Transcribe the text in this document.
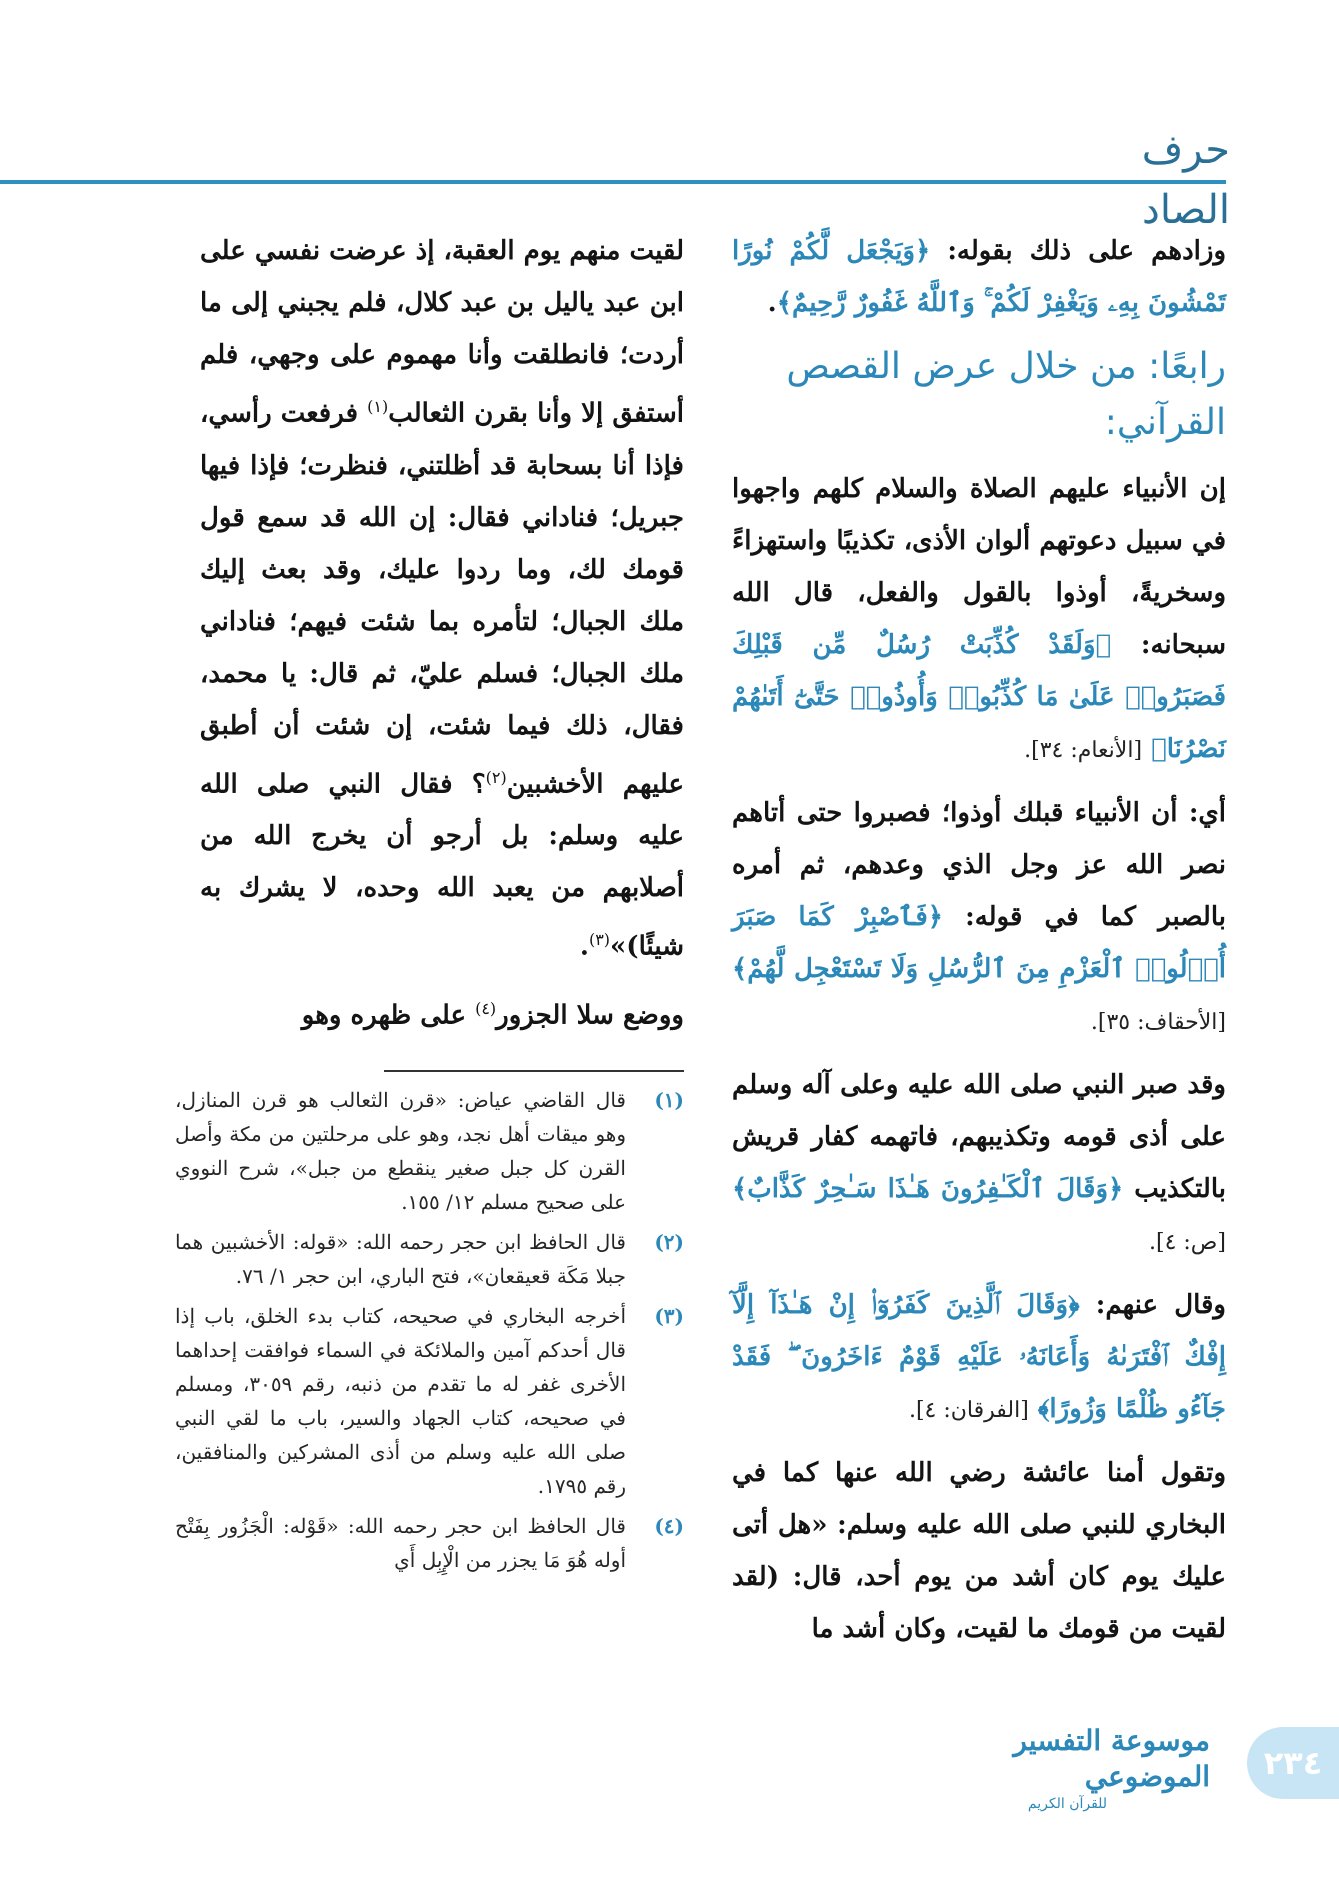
حرف الصاد

وزادهم على ذلك بقوله: ﴿وَيَجْعَل لَّكُمْ نُورًا تَمْشُونَ بِهِۦ وَيَغْفِرْ لَكُمْ ۚ وَٱللَّهُ غَفُورٌ رَّحِيمٌ﴾.

رابعًا: من خلال عرض القصص القرآني:

إن الأنبياء عليهم الصلاة والسلام كلهم واجهوا في سبيل دعوتهم ألوان الأذى، تكذيبًا واستهزاءً وسخريةً، أوذوا بالقول والفعل، قال الله سبحانه: ﴿وَلَقَدْ كُذِّبَتْ رُسُلٌ مِّن قَبْلِكَ فَصَبَرُوا۟ عَلَىٰ مَا كُذِّبُوا۟ وَأُوذُوا۟ حَتَّىٰٓ أَتَىٰهُمْ نَصْرُنَا﴾ [الأنعام: ٣٤].

أي: أن الأنبياء قبلك أوذوا؛ فصبروا حتى أتاهم نصر الله عز وجل الذي وعدهم، ثم أمره بالصبر كما في قوله: ﴿فَٱصْبِرْ كَمَا صَبَرَ أُو۟لُوا۟ ٱلْعَزْمِ مِنَ ٱلرُّسُلِ وَلَا تَسْتَعْجِل لَّهُمْ﴾ [الأحقاف: ٣٥].

وقد صبر النبي صلى الله عليه وعلى آله وسلم على أذى قومه وتكذيبهم، فاتهمه كفار قريش بالتكذيب ﴿وَقَالَ ٱلْكَـٰفِرُونَ هَـٰذَا سَـٰحِرٌ كَذَّابٌ﴾ [ص: ٤].

وقال عنهم: ﴿وَقَالَ ٱلَّذِينَ كَفَرُوٓا۟ إِنْ هَـٰذَآ إِلَّآ إِفْكٌ ٱفْتَرَىٰهُ وَأَعَانَهُۥ عَلَيْهِ قَوْمٌ ءَاخَرُونَ ۖ فَقَدْ جَآءُو ظُلْمًا وَزُورًا﴾ [الفرقان: ٤].

وتقول أمنا عائشة رضي الله عنها كما في البخاري للنبي صلى الله عليه وسلم: «هل أتى عليك يوم كان أشد من يوم أحد، قال: (لقد لقيت من قومك ما لقيت، وكان أشد ما

لقيت منهم يوم العقبة، إذ عرضت نفسي على ابن عبد ياليل بن عبد كلال، فلم يجبني إلى ما أردت؛ فانطلقت وأنا مهموم على وجهي، فلم أستفق إلا وأنا بقرن الثعالب$^{(١)}$ فرفعت رأسي، فإذا أنا بسحابة قد أظلتني، فنظرت؛ فإذا فيها جبريل؛ فناداني فقال: إن الله قد سمع قول قومك لك، وما ردوا عليك، وقد بعث إليك ملك الجبال؛ لتأمره بما شئت فيهم؛ فناداني ملك الجبال؛ فسلم عليّ، ثم قال: يا محمد، فقال، ذلك فيما شئت، إن شئت أن أطبق عليهم الأخشبين$^{(٢)}$؟ فقال النبي صلى الله عليه وسلم: بل أرجو أن يخرج الله من أصلابهم من يعبد الله وحده، لا يشرك به شيئًا)»$^{(٣)}$.

ووضع سلا الجزور$^{(٤)}$ على ظهره وهو

(١)
قال القاضي عياض: «قرن الثعالب هو قرن المنازل، وهو ميقات أهل نجد، وهو على مرحلتين من مكة وأصل القرن كل جبل صغير ينقطع من جبل»، شرح النووي على صحيح مسلم ١٢/ ١٥٥.
(٢)
قال الحافظ ابن حجر رحمه الله: «قوله: الأخشبين هما جبلا مَكَة قعيقعان»، فتح الباري، ابن حجر ١/ ٧٦.
(٣)
أخرجه البخاري في صحيحه، كتاب بدء الخلق، باب إذا قال أحدكم آمين والملائكة في السماء فوافقت إحداهما الأخرى غفر له ما تقدم من ذنبه، رقم ٣٠٥٩، ومسلم في صحيحه، كتاب الجهاد والسير، باب ما لقي النبي صلى الله عليه وسلم من أذى المشركين والمنافقين، رقم ١٧٩٥.
(٤)
قال الحافظ ابن حجر رحمه الله: «قَوْله: الْجَزُور بِفَتْح أوله هُوَ مَا يجزر من الْإِبِل أَي
موسوعة التفسير الموضوعي
للقرآن الكريم
٢٣٤
